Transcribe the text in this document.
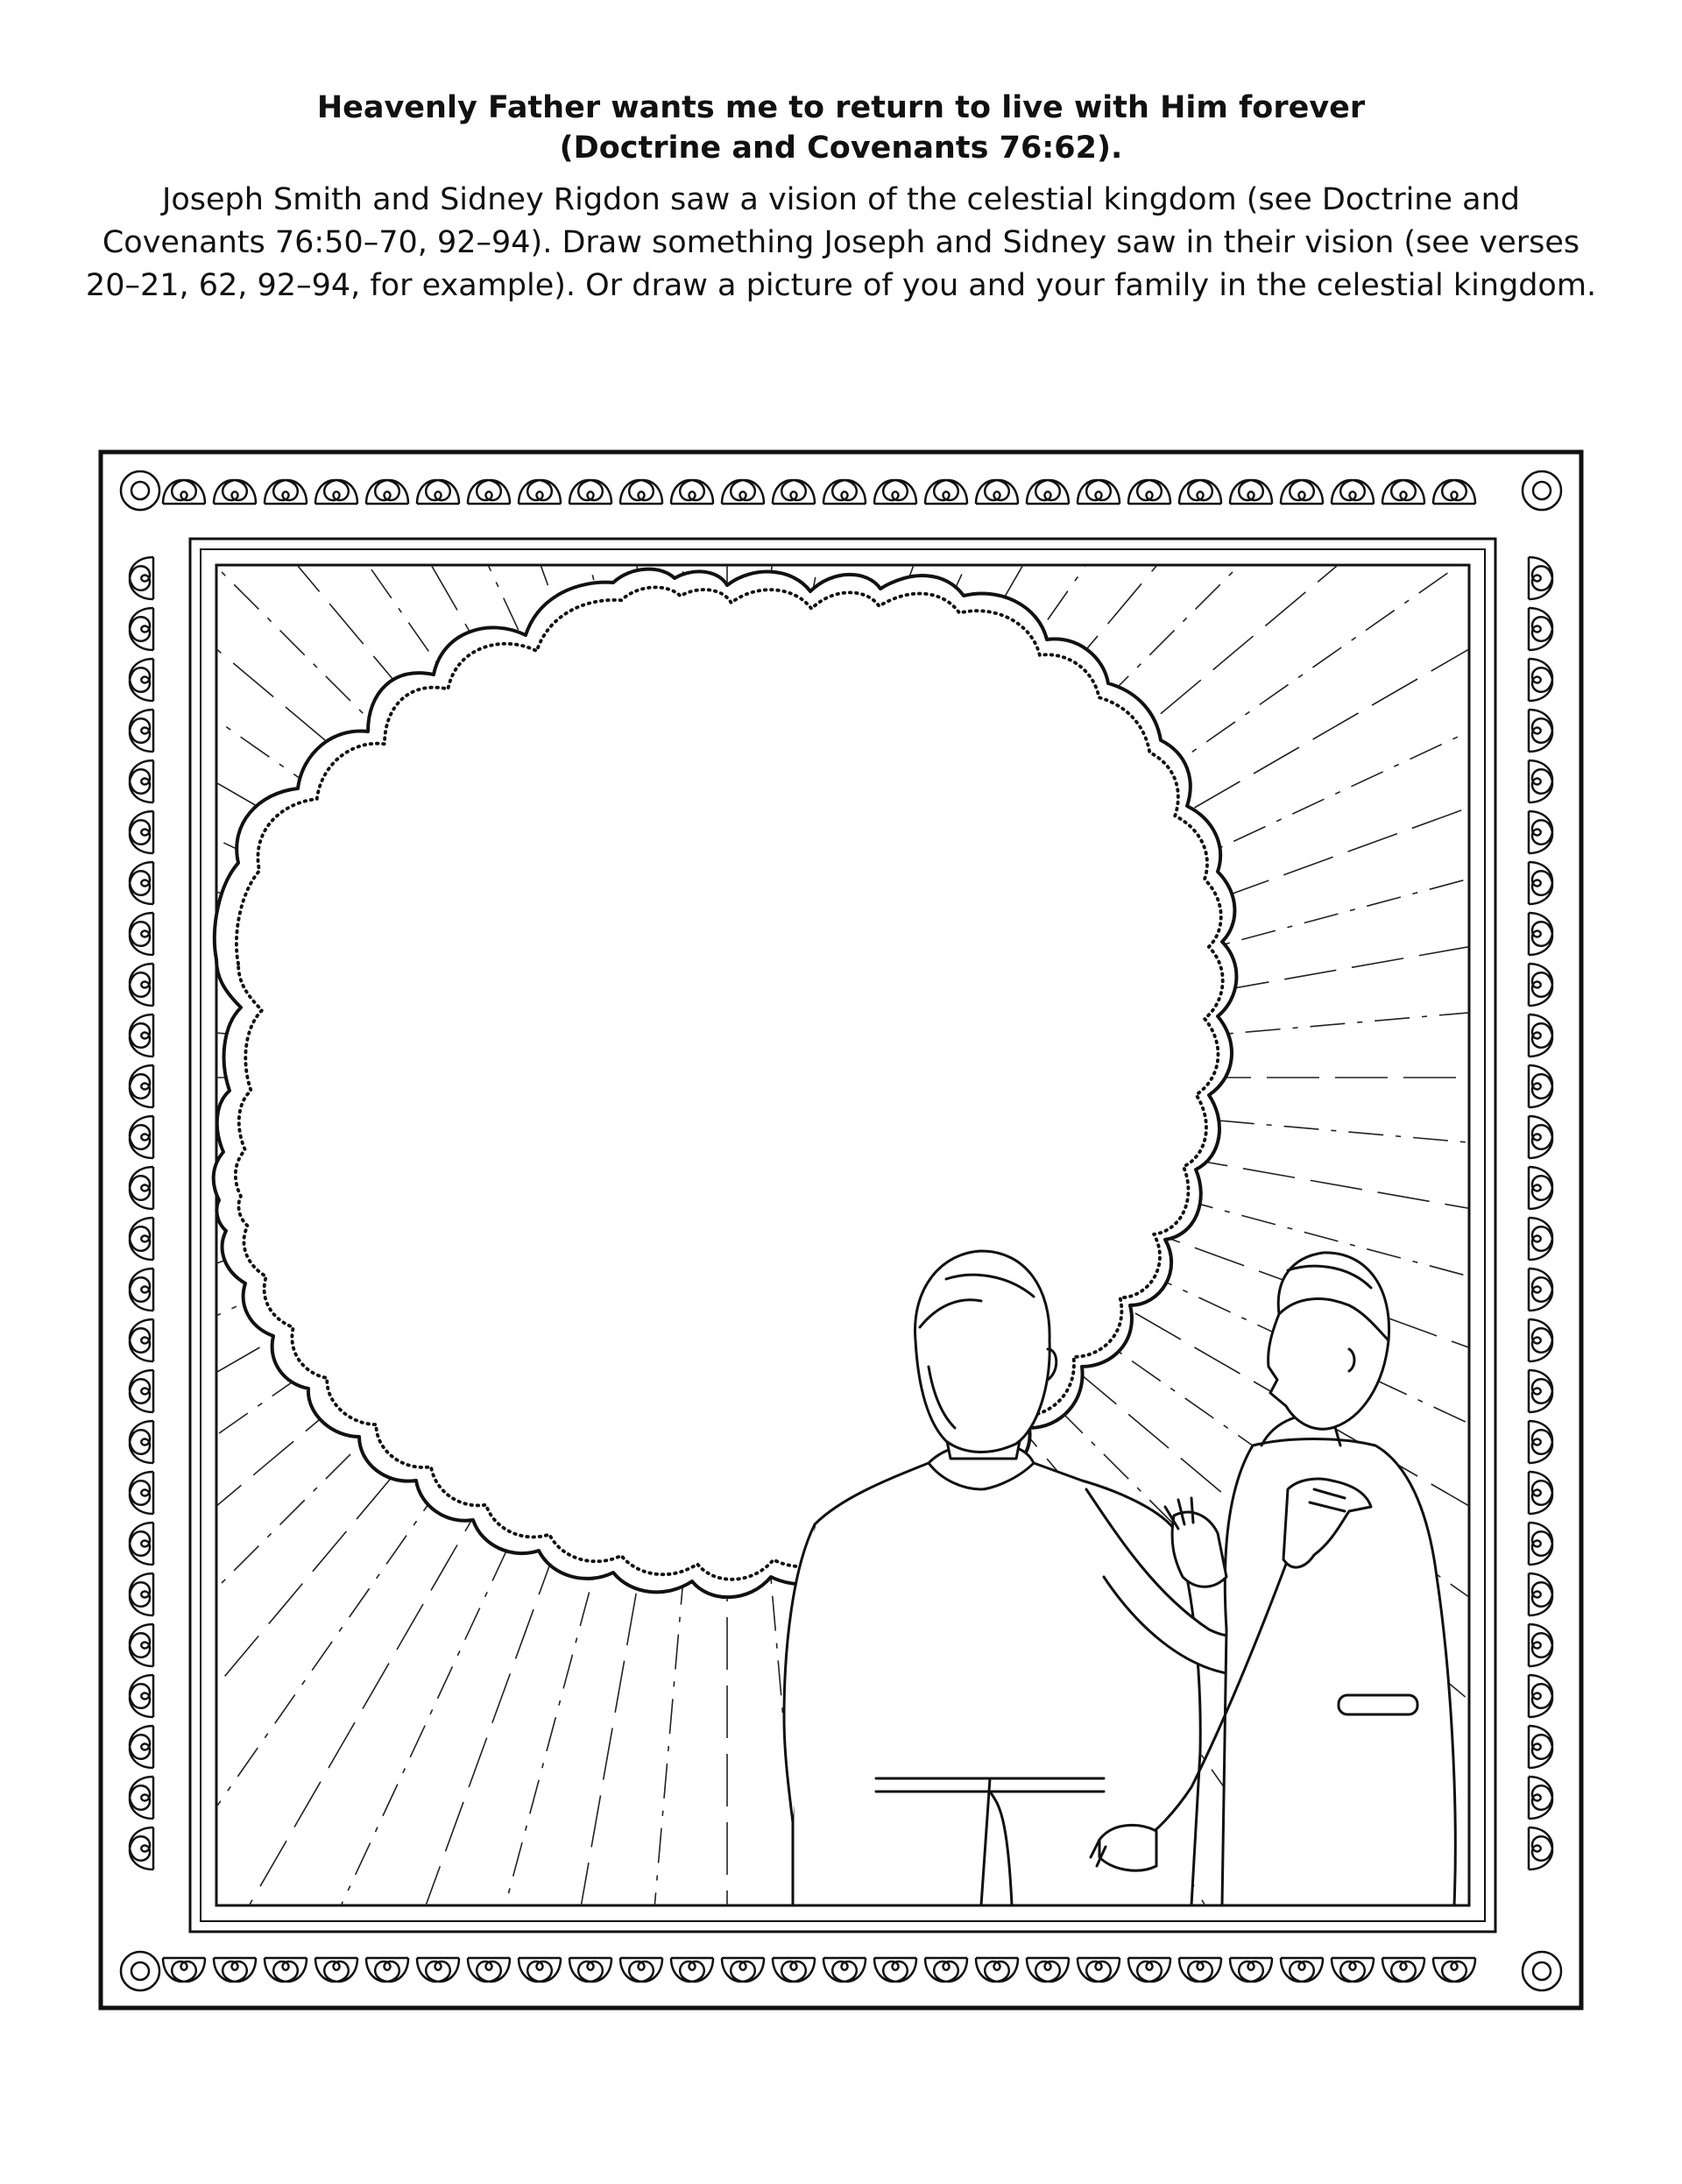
Heavenly Father wants me to return to live with Him forever
(Doctrine and Covenants 76:62).
Joseph Smith and Sidney Rigdon saw a vision of the celestial kingdom (see Doctrine and
Covenants 76:50–70, 92–94). Draw something Joseph and Sidney saw in their vision (see verses
20–21, 62, 92–94, for example). Or draw a picture of you and your family in the celestial kingdom.
